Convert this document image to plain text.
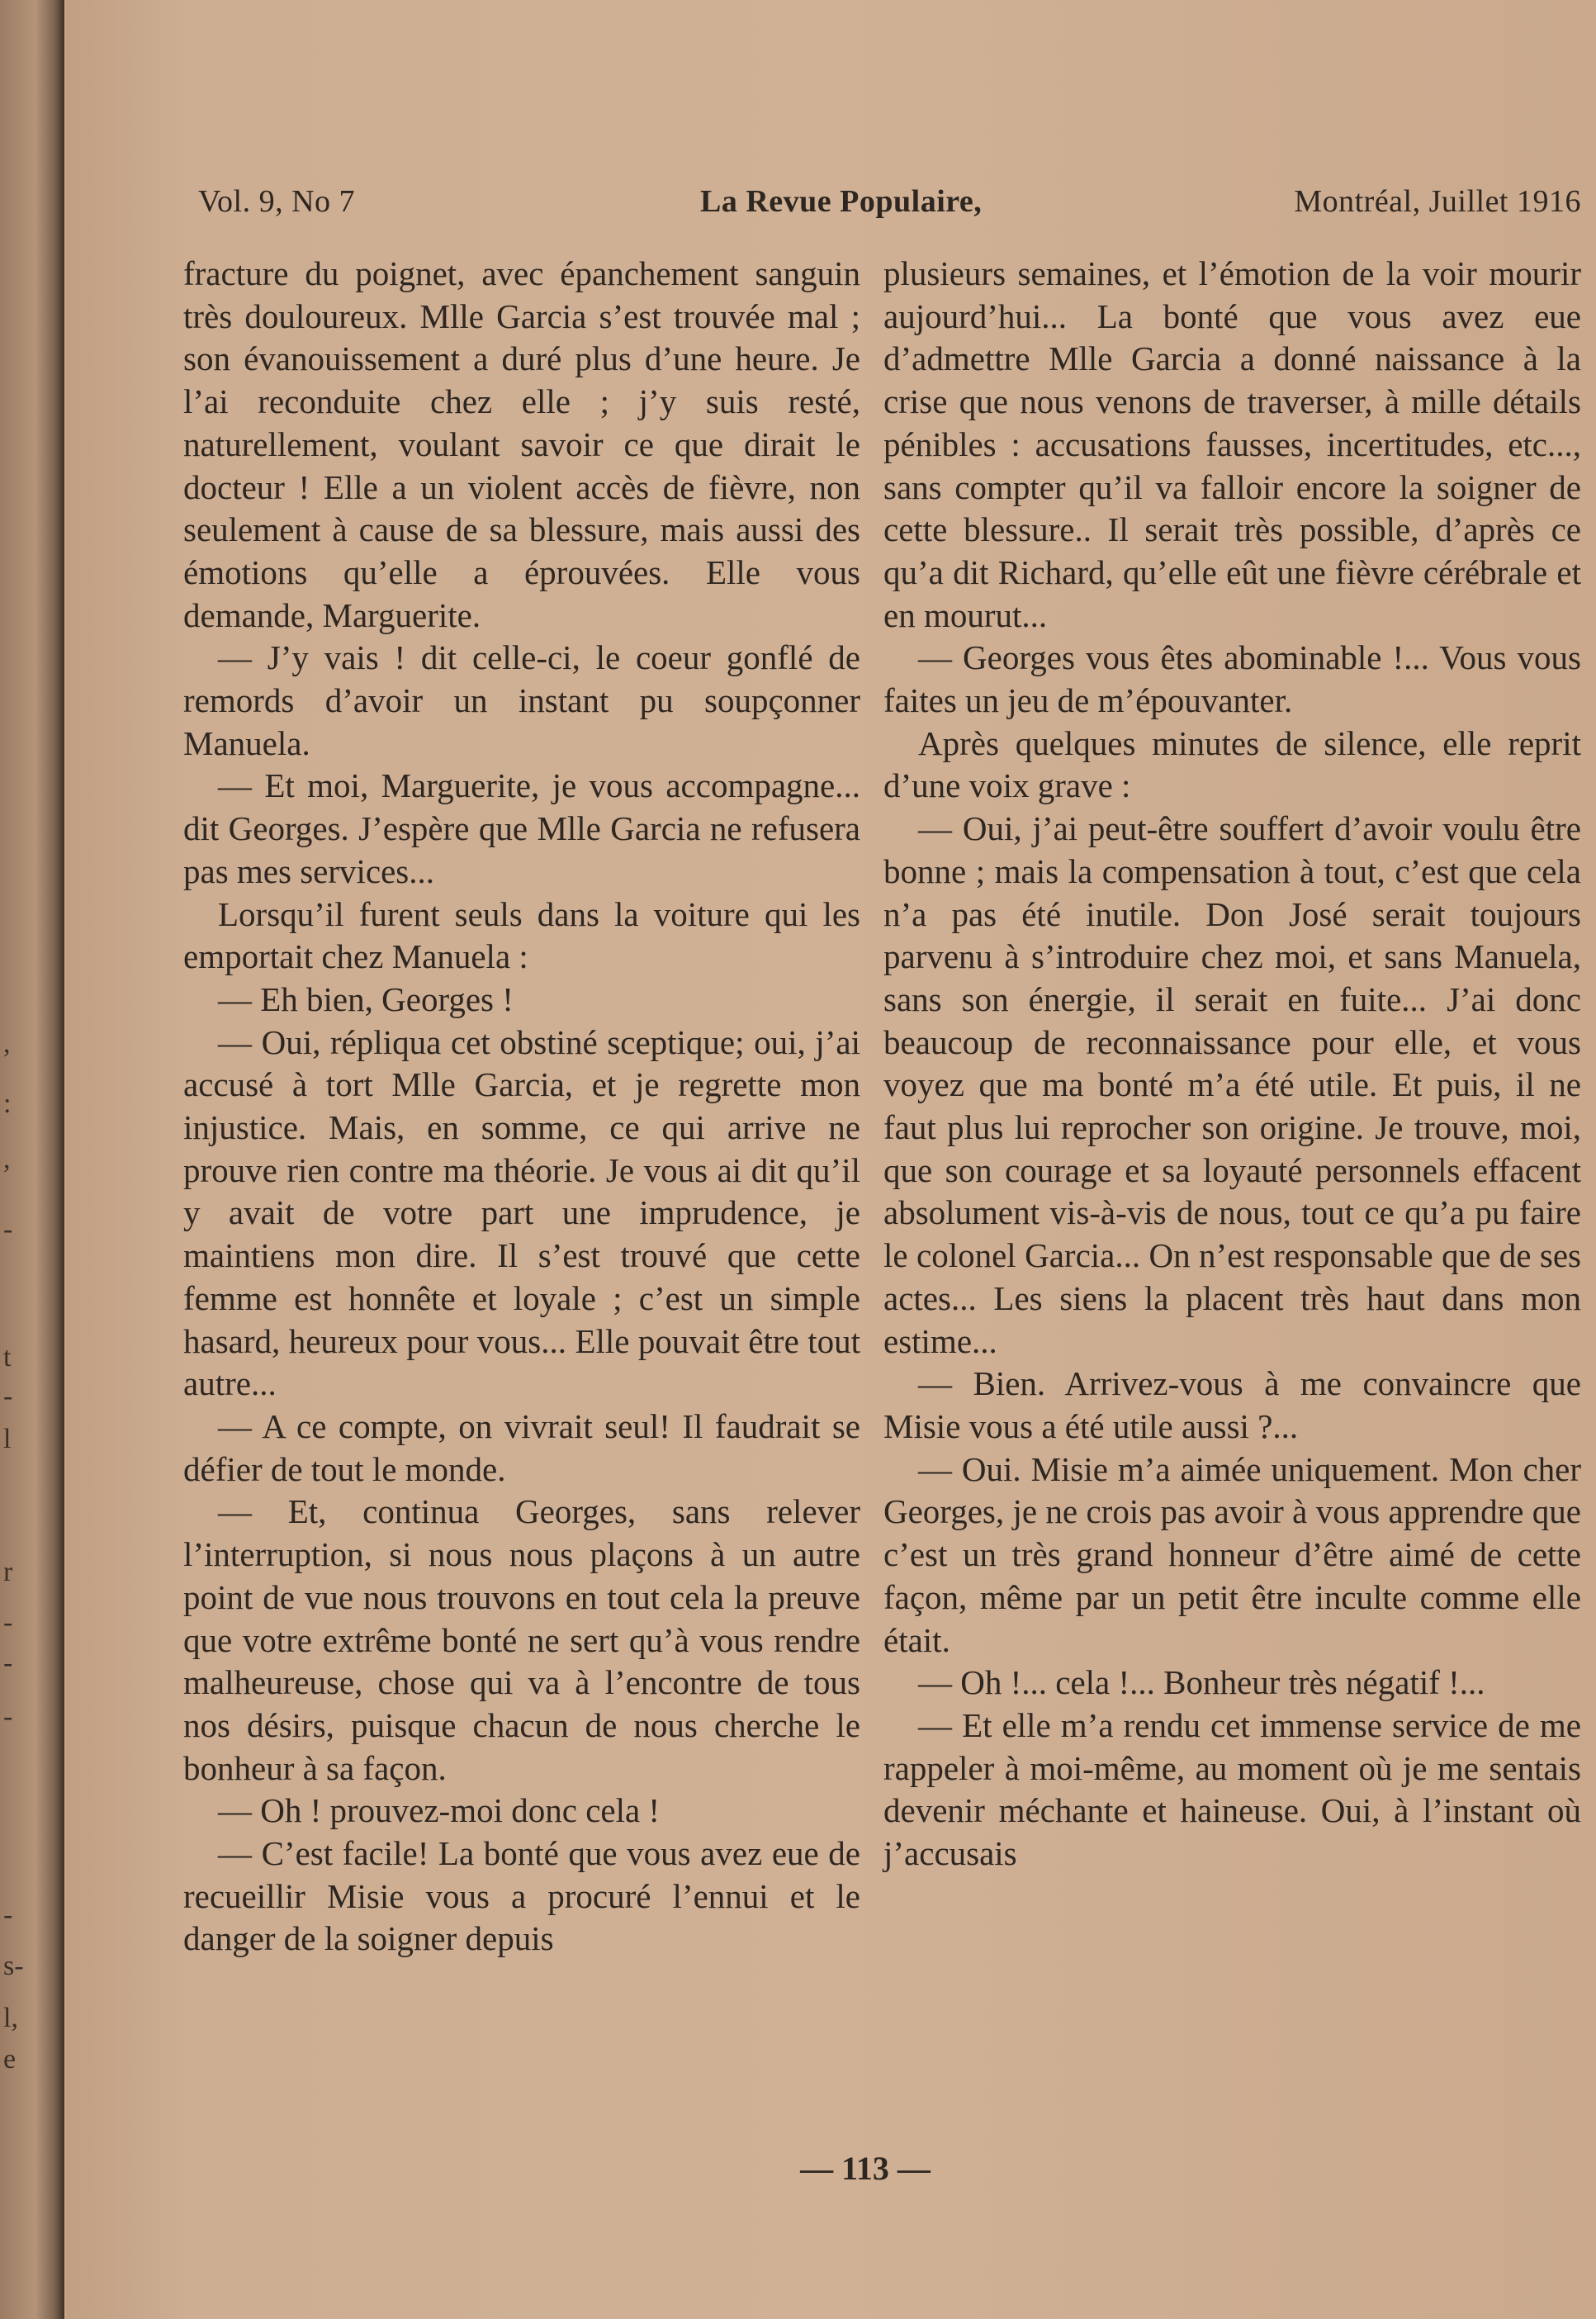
,
:
,
-
t
-
l
r
-
-
-
-
s-
l,
e
Vol. 9, No 7	La Revue Populaire,	Montréal, Juillet 1916

fracture du poignet, avec épanchement sanguin très douloureux. Mlle Garcia s’est trouvée mal ; son évanouissement a duré plus d’une heure. Je l’ai reconduite chez elle ; j’y suis resté, naturellement, voulant savoir ce que dirait le docteur ! Elle a un violent accès de fièvre, non seulement à cause de sa blessure, mais aussi des émotions qu’elle a éprouvées. Elle vous demande, Marguerite.

— J’y vais ! dit celle-ci, le coeur gonflé de remords d’avoir un instant pu soupçonner Manuela.

— Et moi, Marguerite, je vous accompagne... dit Georges. J’espère que Mlle Garcia ne refusera pas mes services...

Lorsqu’il furent seuls dans la voiture qui les emportait chez Manuela :

— Eh bien, Georges !

— Oui, répliqua cet obstiné sceptique; oui, j’ai accusé à tort Mlle Garcia, et je regrette mon injustice. Mais, en somme, ce qui arrive ne prouve rien contre ma théorie. Je vous ai dit qu’il y avait de votre part une imprudence, je maintiens mon dire. Il s’est trouvé que cette femme est honnête et loyale ; c’est un simple hasard, heureux pour vous... Elle pouvait être tout autre...

— A ce compte, on vivrait seul! Il faudrait se défier de tout le monde.

— Et, continua Georges, sans relever l’interruption, si nous nous plaçons à un autre point de vue nous trouvons en tout cela la preuve que votre extrême bonté ne sert qu’à vous rendre malheureuse, chose qui va à l’encontre de tous nos désirs, puisque chacun de nous cherche le bonheur à sa façon.

— Oh ! prouvez-moi donc cela !

— C’est facile! La bonté que vous avez eue de recueillir Misie vous a procuré l’ennui et le danger de la soigner depuis

plusieurs semaines, et l’émotion de la voir mourir aujourd’hui... La bonté que vous avez eue d’admettre Mlle Garcia a donné naissance à la crise que nous venons de traverser, à mille détails pénibles : accusations fausses, incertitudes, etc..., sans compter qu’il va falloir encore la soigner de cette blessure.. Il serait très possible, d’après ce qu’a dit Richard, qu’elle eût une fièvre cérébrale et en mourut...

— Georges vous êtes abominable !... Vous vous faites un jeu de m’épouvanter.

Après quelques minutes de silence, elle reprit d’une voix grave :

— Oui, j’ai peut-être souffert d’avoir voulu être bonne ; mais la compensation à tout, c’est que cela n’a pas été inutile. Don José serait toujours parvenu à s’introduire chez moi, et sans Manuela, sans son énergie, il serait en fuite... J’ai donc beaucoup de reconnaissance pour elle, et vous voyez que ma bonté m’a été utile. Et puis, il ne faut plus lui reprocher son origine. Je trouve, moi, que son courage et sa loyauté personnels effacent absolument vis-à-vis de nous, tout ce qu’a pu faire le colonel Garcia... On n’est responsable que de ses actes... Les siens la placent très haut dans mon estime...

— Bien. Arrivez-vous à me convaincre que Misie vous a été utile aussi ?...

— Oui. Misie m’a aimée uniquement. Mon cher Georges, je ne crois pas avoir à vous apprendre que c’est un très grand honneur d’être aimé de cette façon, même par un petit être inculte comme elle était.

— Oh !... cela !... Bonheur très négatif !...

— Et elle m’a rendu cet immense service de me rappeler à moi-même, au moment où je me sentais devenir méchante et haineuse. Oui, à l’instant où j’accusais

— 113 —
